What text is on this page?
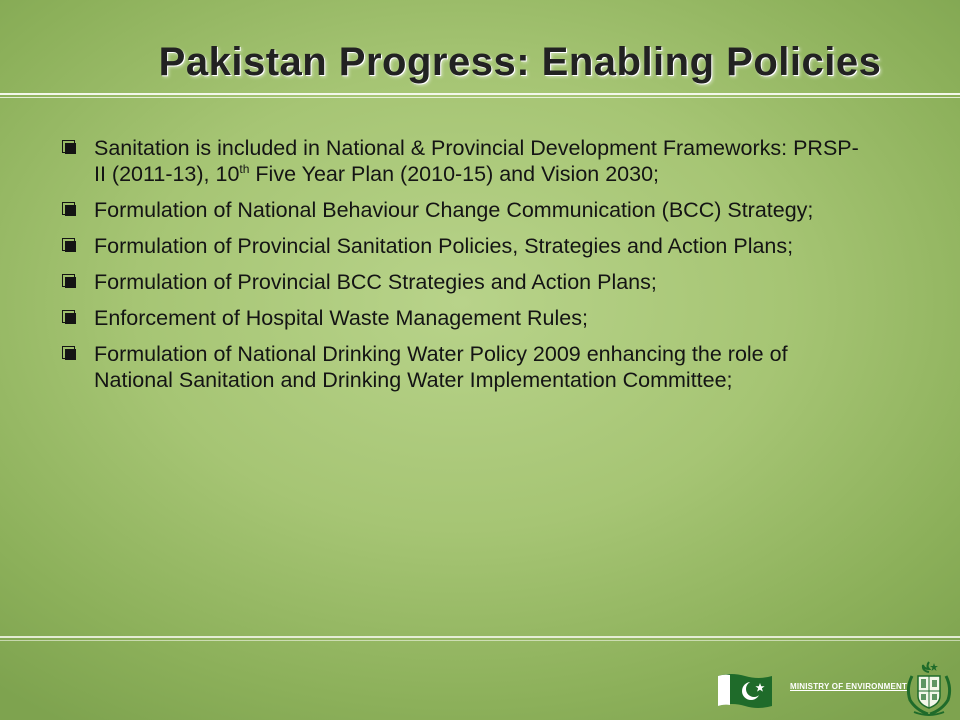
Pakistan Progress: Enabling Policies
Sanitation is included in National & Provincial Development Frameworks: PRSP-II (2011-13), 10th Five Year Plan (2010-15) and Vision 2030;
Formulation of National Behaviour Change Communication (BCC) Strategy;
Formulation of Provincial Sanitation Policies, Strategies and Action Plans;
Formulation of Provincial BCC Strategies and Action Plans;
Enforcement of Hospital Waste Management Rules;
Formulation of National Drinking Water Policy 2009 enhancing the role of National Sanitation and Drinking Water Implementation Committee;
MINISTRY OF ENVIRONMENT
